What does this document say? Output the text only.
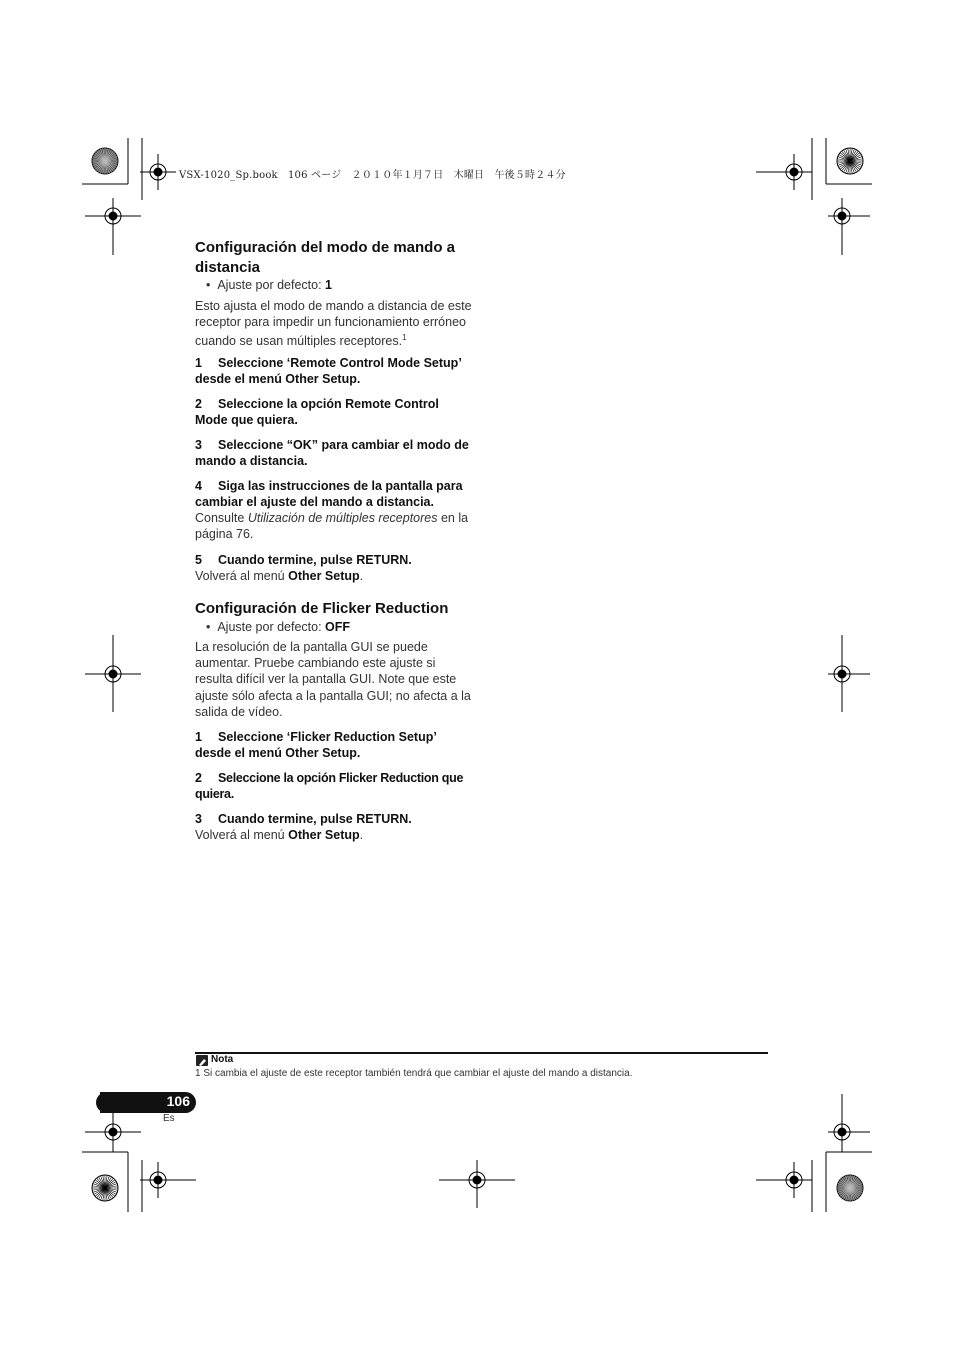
VSX-1020_Sp.book　106 ページ　２０１０年１月７日　木曜日　午後５時２４分
Configuración del modo de mando a distancia
•  Ajuste por defecto: 1
Esto ajusta el modo de mando a distancia de este receptor para impedir un funcionamiento erróneo cuando se usan múltiples receptores.$^1$
1 Seleccione ‘Remote Control Mode Setup’ desde el menú Other Setup.
2 Seleccione la opción Remote Control Mode que quiera.
3 Seleccione “OK” para cambiar el modo de mando a distancia.
4 Siga las instrucciones de la pantalla para cambiar el ajuste del mando a distancia.
Consulte Utilización de múltiples receptores en la página 76.
5 Cuando termine, pulse RETURN.
Volverá al menú Other Setup.
Configuración de Flicker Reduction
•  Ajuste por defecto: OFF
La resolución de la pantalla GUI se puede aumentar. Pruebe cambiando este ajuste si resulta difícil ver la pantalla GUI. Note que este ajuste sólo afecta a la pantalla GUI; no afecta a la salida de vídeo.
1 Seleccione ‘Flicker Reduction Setup’ desde el menú Other Setup.
2 Seleccione la opción Flicker Reduction que quiera.
3 Cuando termine, pulse RETURN.
Volverá al menú Other Setup.
Nota
1 Si cambia el ajuste de este receptor también tendrá que cambiar el ajuste del mando a distancia.
106
Es
